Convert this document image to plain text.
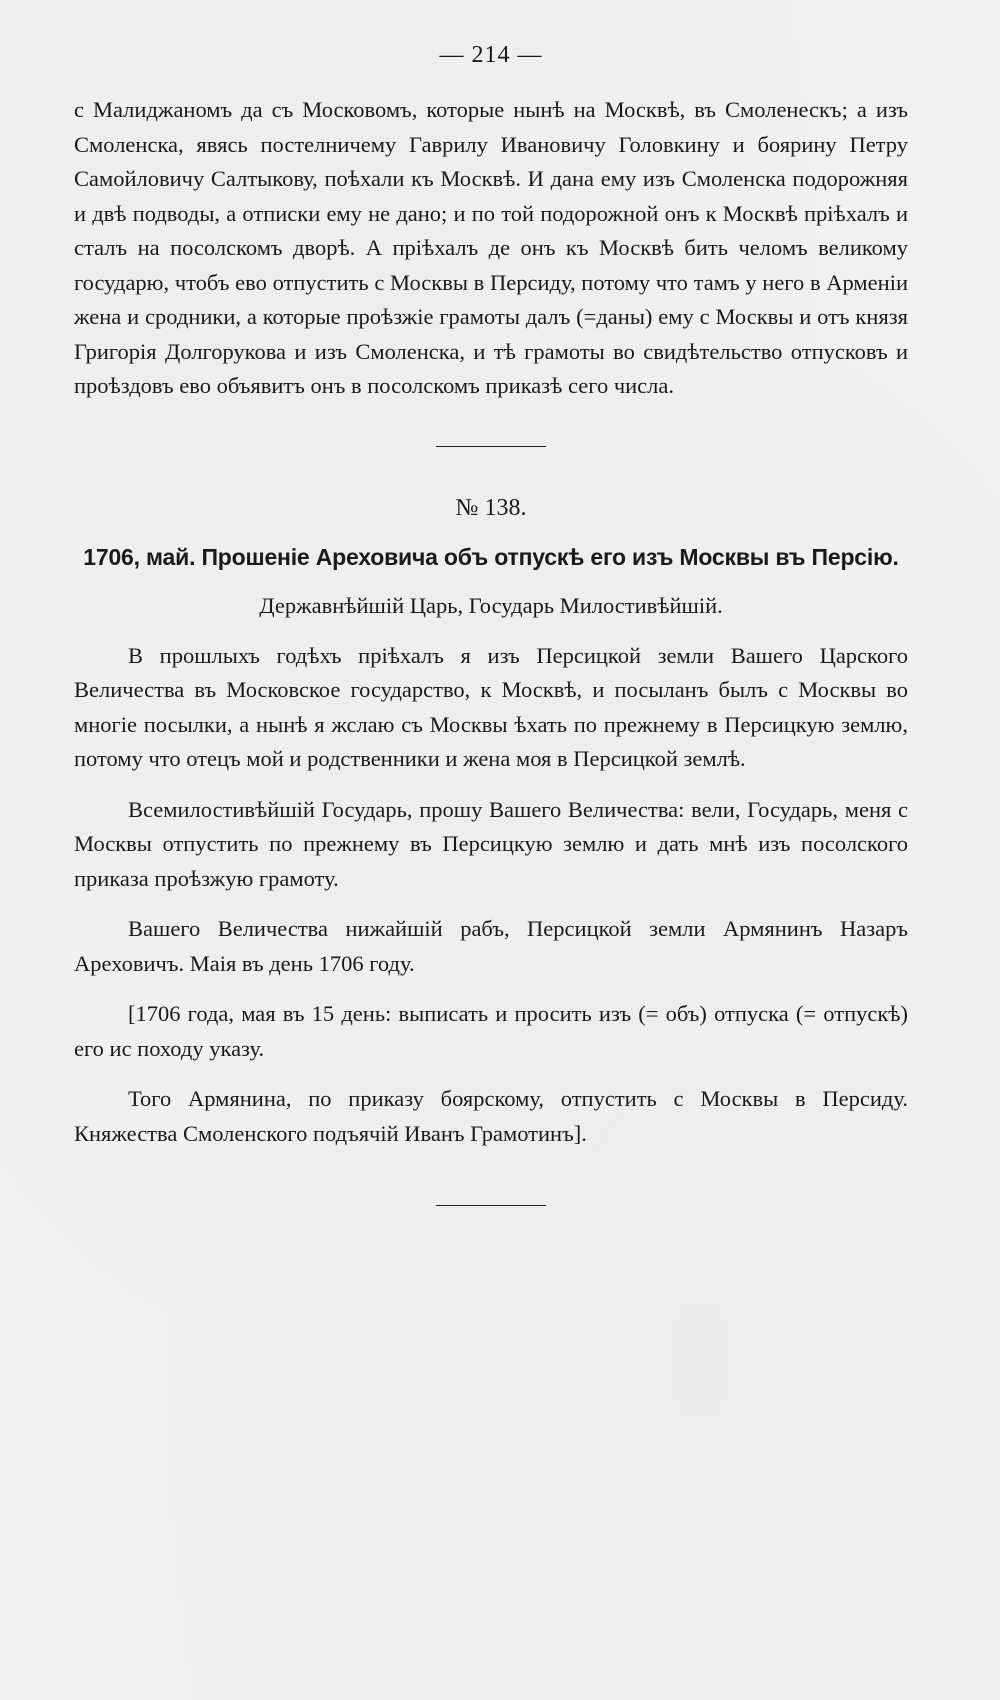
— 214 —

с Малиджаномъ да съ Московомъ, которые нынѣ на Москвѣ, въ Смоленескъ; а изъ Смоленска, явясь постелничему Гаврилу Ивановичу Головкину и боярину Петру Самойловичу Салтыкову, поѣхали къ Москвѣ. И дана ему изъ Смоленска подорожняя и двѣ подводы, а отписки ему не дано; и по той подорожной онъ к Москвѣ пріѣхалъ и сталъ на посолскомъ дворѣ. А пріѣхалъ де онъ къ Москвѣ бить челомъ великому государю, чтобъ ево отпустить с Москвы в Персиду, потому что тамъ у него в Арменіи жена и сродники, а которые проѣзжіе грамоты далъ (=даны) ему с Москвы и отъ князя Григорія Долгорукова и изъ Смоленска, и тѣ грамоты во свидѣтельство отпусковъ и проѣздовъ ево объявитъ онъ в посолскомъ приказѣ сего числа.

№ 138.
1706, май. Прошеніе Ареховича объ отпускѣ его изъ Москвы въ Персію.
Державнѣйшій Царь, Государь Милостивѣйшій.

В прошлыхъ годѣхъ пріѣхалъ я изъ Персицкой земли Вашего Царского Величества въ Московское государство, к Москвѣ, и посыланъ былъ с Москвы во многіе посылки, а нынѣ я жслаю съ Москвы ѣхать по прежнему в Персицкую землю, потому что отецъ мой и родственники и жена моя в Персицкой землѣ.

Всемилостивѣйшій Государь, прошу Вашего Величества: вели, Государь, меня с Москвы отпустить по прежнему въ Персицкую землю и дать мнѣ изъ посолского приказа проѣзжую грамоту.

Вашего Величества нижайшій рабъ, Персицкой земли Армянинъ Назаръ Ареховичъ. Маія въ день 1706 году.

[1706 года, мая въ 15 день: выписать и просить изъ (= объ) отпуска (= отпускѣ) его ис походу указу.

Того Армянина, по приказу боярскому, отпустить с Москвы в Персиду. Княжества Смоленского подъячій Иванъ Грамотинъ].
